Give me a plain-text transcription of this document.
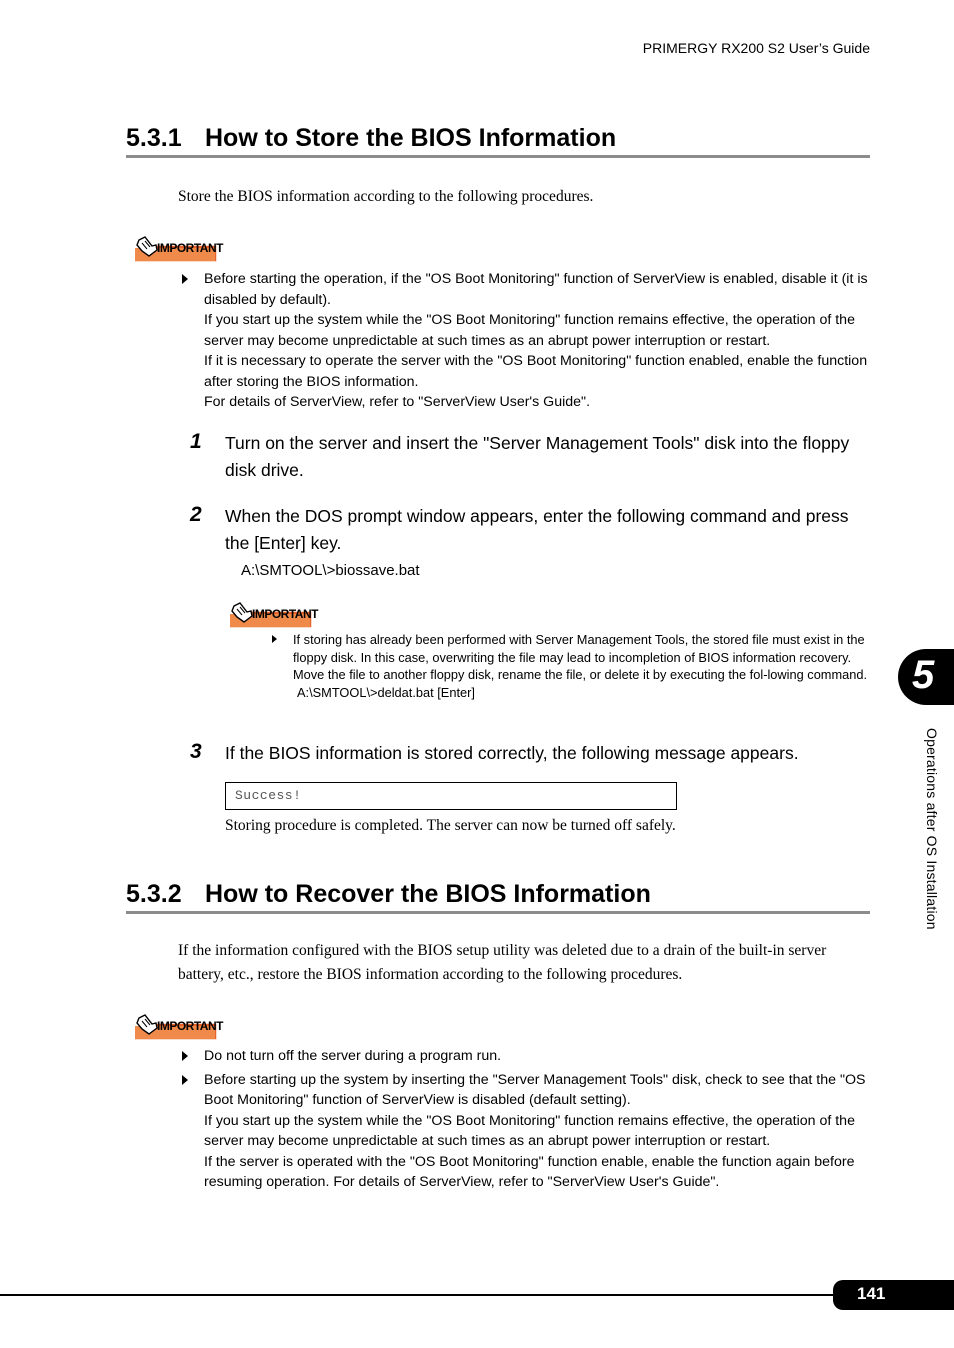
PRIMERGY RX200 S2 User’s Guide
5.3.1 How to Store the BIOS Information
Store the BIOS information according to the following procedures.
IMPORTANT
Before starting the operation, if the "OS Boot Monitoring" function of ServerView is enabled, disable it (it is disabled by default).
If you start up the system while the "OS Boot Monitoring" function remains effective, the operation of the server may become unpredictable at such times as an abrupt power interruption or restart.
If it is necessary to operate the server with the "OS Boot Monitoring" function enabled, enable the function after storing the BIOS information.
For details of ServerView, refer to "ServerView User's Guide".
1 Turn on the server and insert the "Server Management Tools" disk into the floppy disk drive.
2 When the DOS prompt window appears, enter the following command and press the [Enter] key.
A:\SMTOOL\>biossave.bat
IMPORTANT
If storing has already been performed with Server Management Tools, the stored file must exist in the floppy disk. In this case, overwriting the file may lead to incompletion of BIOS information recovery. Move the file to another floppy disk, rename the file, or delete it by executing the fol-lowing command.
A:\SMTOOL\>deldat.bat [Enter]
3 If the BIOS information is stored correctly, the following message appears.
Success!
Storing procedure is completed. The server can now be turned off safely.
5.3.2 How to Recover the BIOS Information
If the information configured with the BIOS setup utility was deleted due to a drain of the built-in server battery, etc., restore the BIOS information according to the following procedures.
IMPORTANT
Do not turn off the server during a program run.
Before starting up the system by inserting the "Server Management Tools" disk, check to see that the "OS Boot Monitoring" function of ServerView is disabled (default setting).
If you start up the system while the "OS Boot Monitoring" function remains effective, the operation of the server may become unpredictable at such times as an abrupt power interruption or restart.
If the server is operated with the "OS Boot Monitoring" function enable, enable the function again before resuming operation. For details of ServerView, refer to "ServerView User's Guide".
5
Operations after OS Installation
141
